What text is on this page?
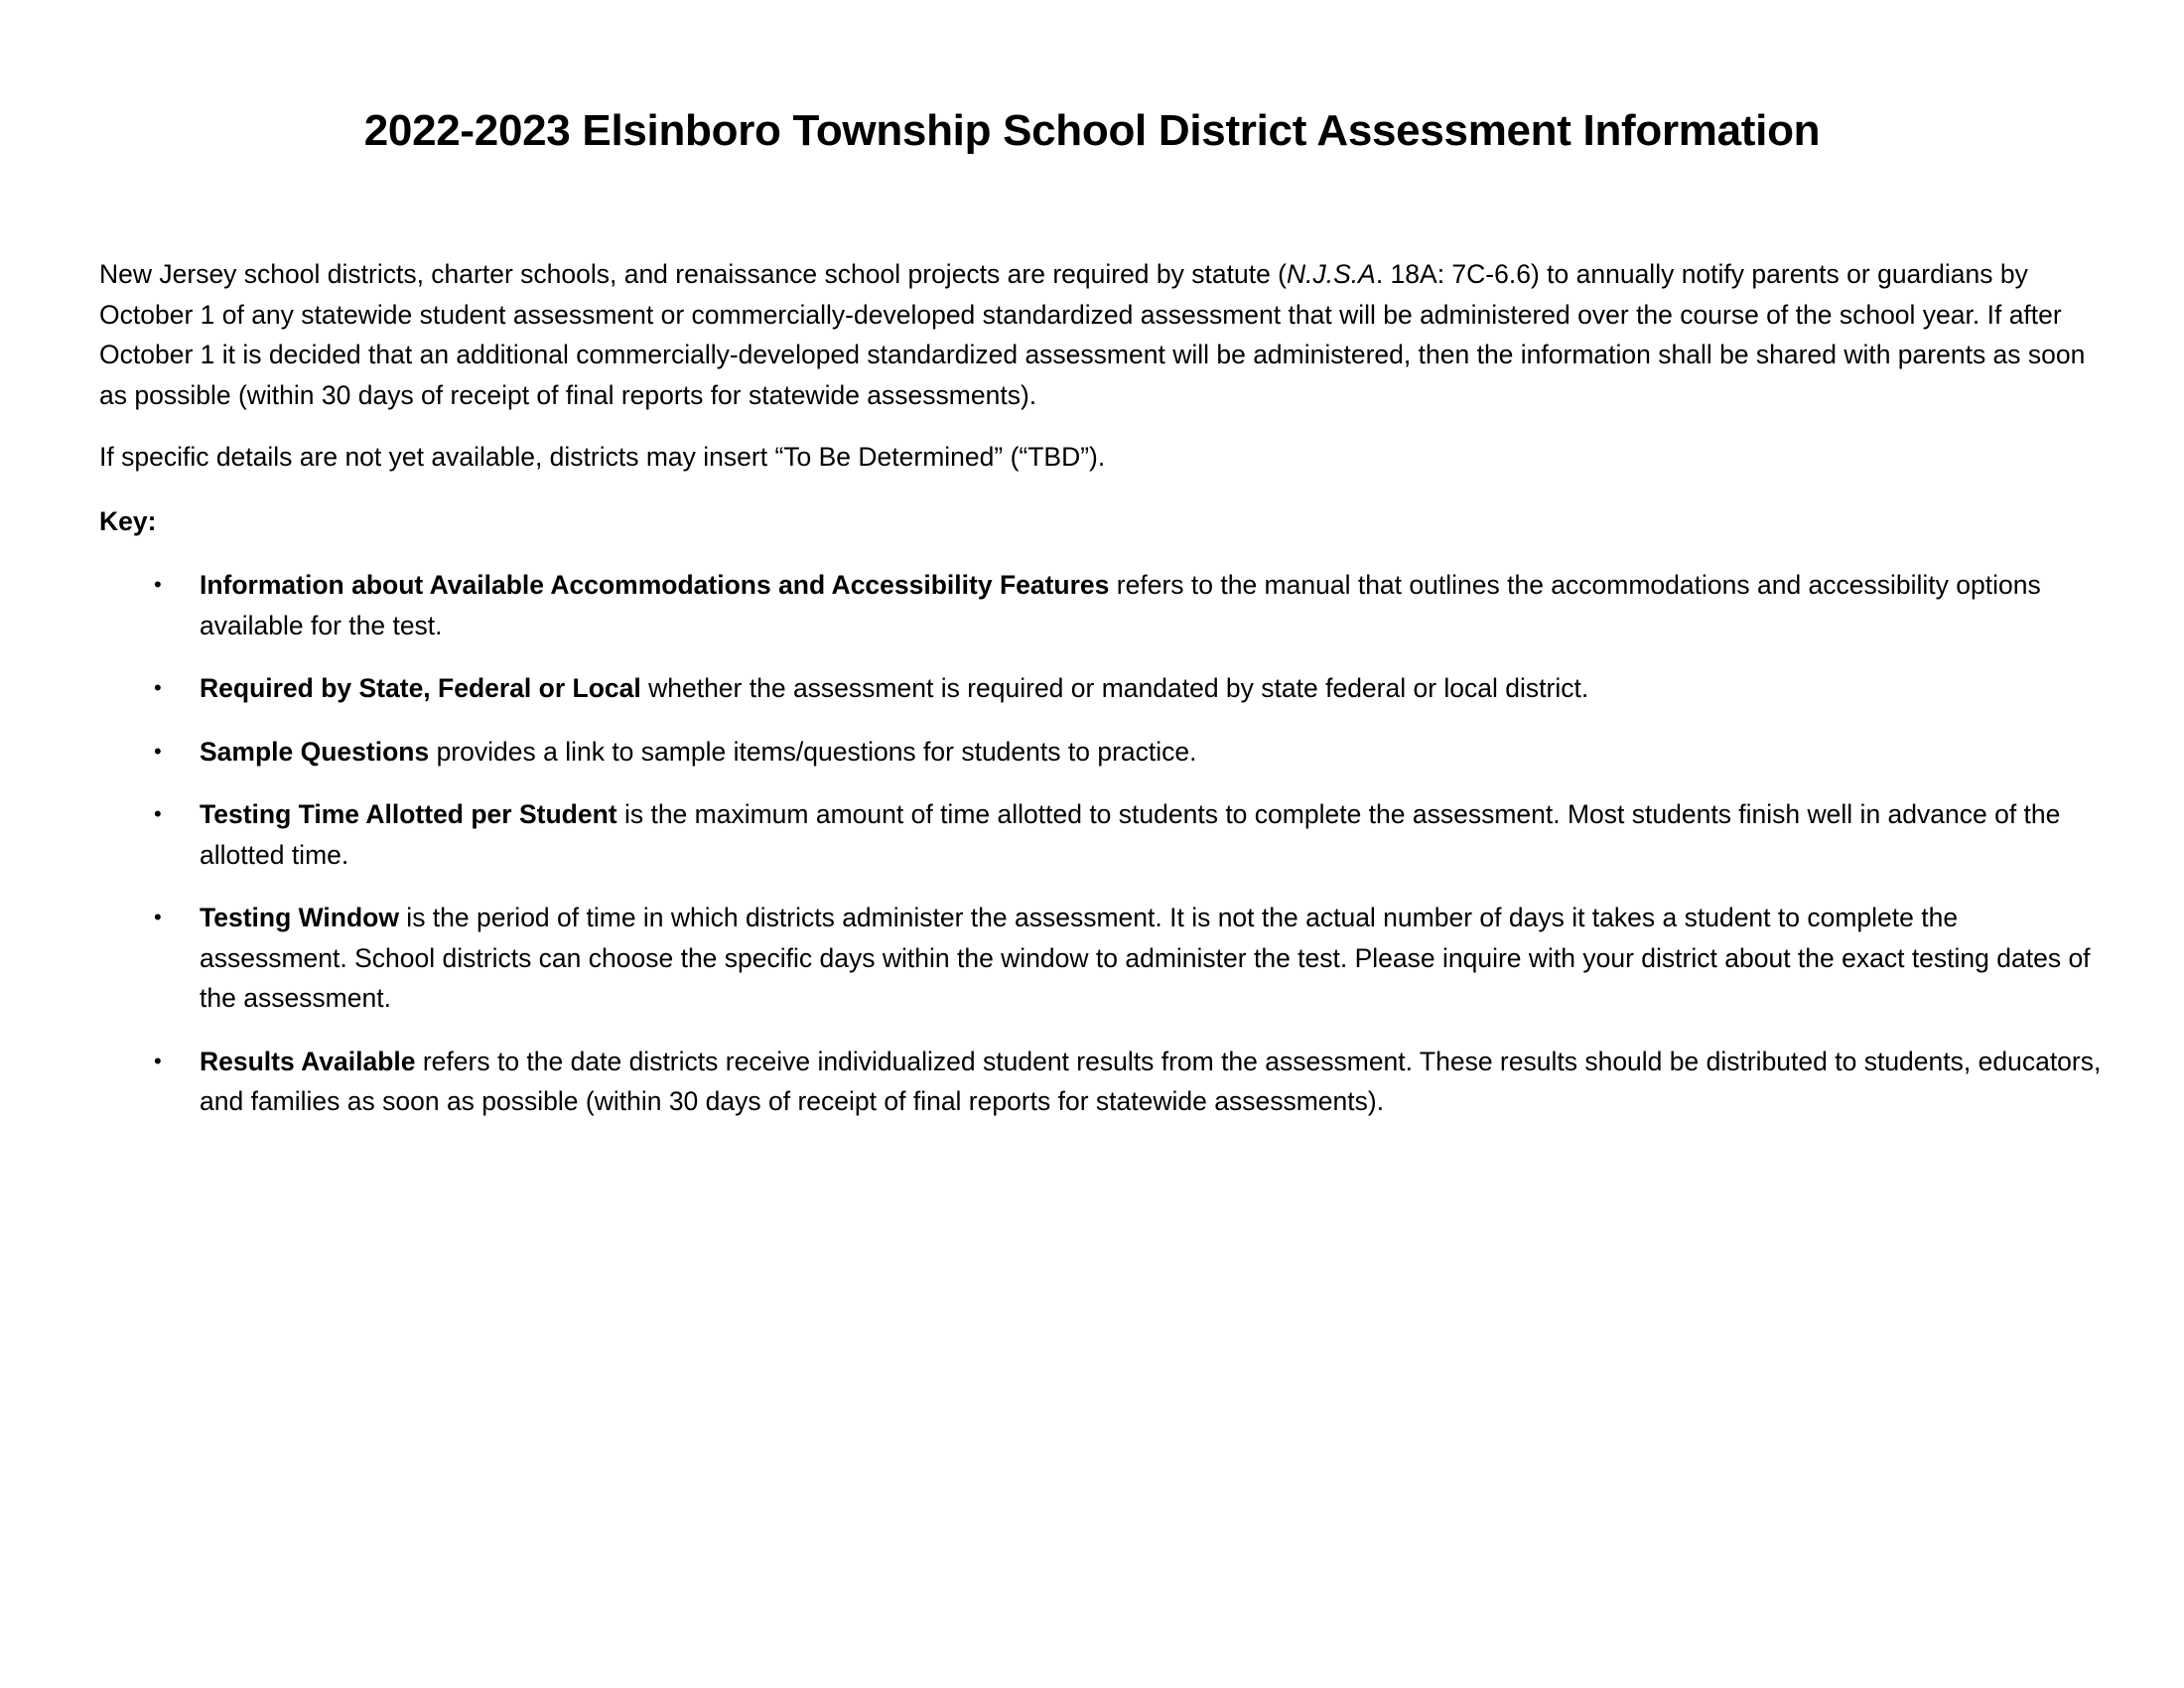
2022-2023 Elsinboro Township School District Assessment Information

New Jersey school districts, charter schools, and renaissance school projects are required by statute (N.J.S.A. 18A: 7C-6.6) to annually notify parents or guardians by October 1 of any statewide student assessment or commercially-developed standardized assessment that will be administered over the course of the school year. If after October 1 it is decided that an additional commercially-developed standardized assessment will be administered, then the information shall be shared with parents as soon as possible (within 30 days of receipt of final reports for statewide assessments).

If specific details are not yet available, districts may insert “To Be Determined” (“TBD”).

Key:

• Information about Available Accommodations and Accessibility Features refers to the manual that outlines the accommodations and accessibility options available for the test.
• Required by State, Federal or Local whether the assessment is required or mandated by state federal or local district.
• Sample Questions provides a link to sample items/questions for students to practice.
• Testing Time Allotted per Student is the maximum amount of time allotted to students to complete the assessment. Most students finish well in advance of the allotted time.
• Testing Window is the period of time in which districts administer the assessment. It is not the actual number of days it takes a student to complete the assessment. School districts can choose the specific days within the window to administer the test. Please inquire with your district about the exact testing dates of the assessment.
• Results Available refers to the date districts receive individualized student results from the assessment. These results should be distributed to students, educators, and families as soon as possible (within 30 days of receipt of final reports for statewide assessments).
